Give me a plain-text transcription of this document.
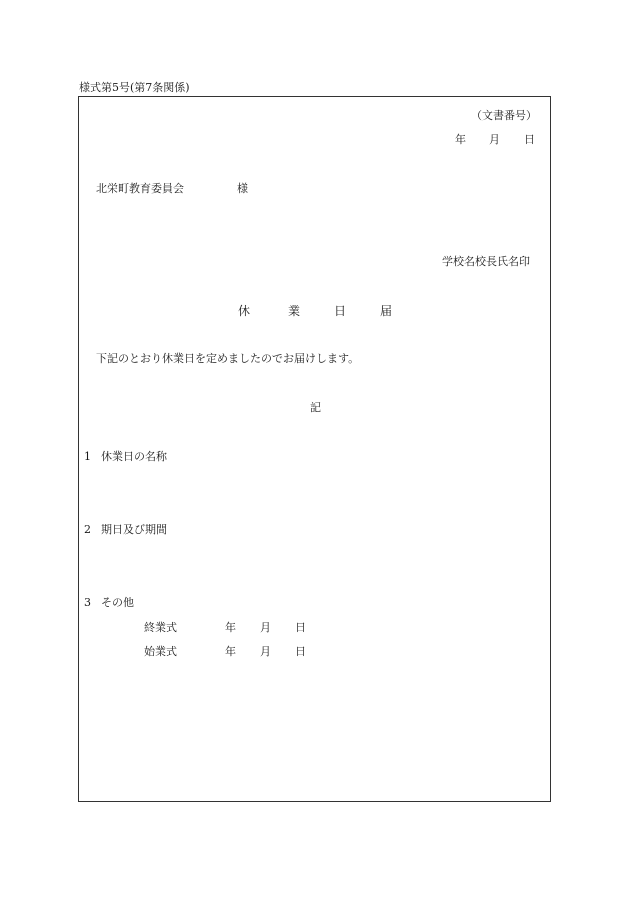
様式第5号(第7条関係)
（文書番号）
年 月 日
北栄町教育委員会	様
学校名校長氏名印
休	業	日	届
下記のとおり休業日を定めましたのでお届けします。
記
1 休業日の名称
2 期日及び期間
3 その他
終業式	年 月 日
始業式	年 月 日
